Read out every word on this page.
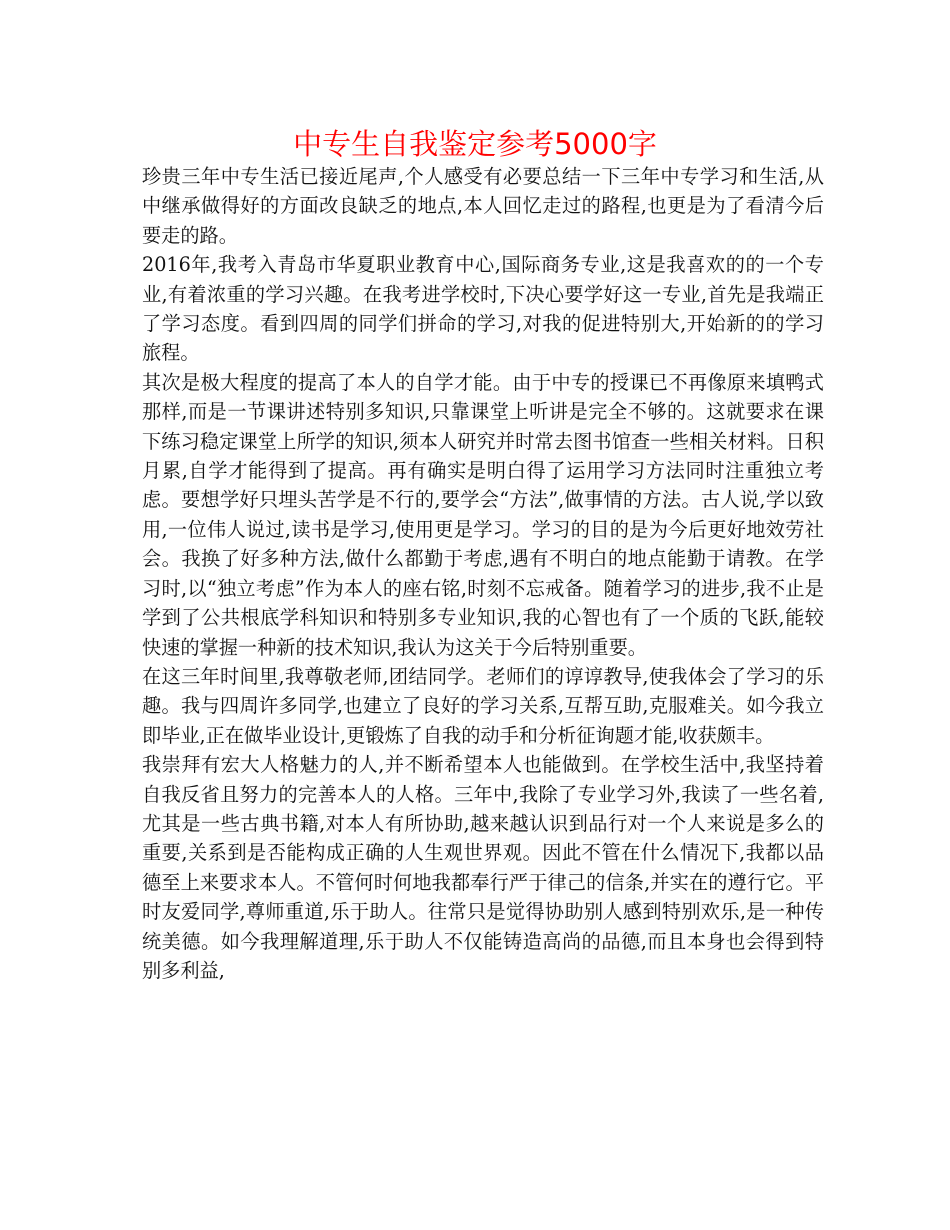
中专生自我鉴定参考5000字

珍贵三年中专生活已接近尾声,个人感受有必要总结一下三年中专学习和生活,从中继承做得好的方面改良缺乏的地点,本人回忆走过的路程,也更是为了看清今后要走的路。

2016年,我考入青岛市华夏职业教育中心,国际商务专业,这是我喜欢的的一个专业,有着浓重的学习兴趣。在我考进学校时,下决心要学好这一专业,首先是我端正了学习态度。看到四周的同学们拼命的学习,对我的促进特别大,开始新的的学习旅程。

其次是极大程度的提高了本人的自学才能。由于中专的授课已不再像原来填鸭式那样,而是一节课讲述特别多知识,只靠课堂上听讲是完全不够的。这就要求在课下练习稳定课堂上所学的知识,须本人研究并时常去图书馆查一些相关材料。日积月累,自学才能得到了提高。再有确实是明白得了运用学习方法同时注重独立考虑。要想学好只埋头苦学是不行的,要学会“方法”,做事情的方法。古人说,学以致用,一位伟人说过,读书是学习,使用更是学习。学习的目的是为今后更好地效劳社会。我换了好多种方法,做什么都勤于考虑,遇有不明白的地点能勤于请教。在学习时,以“独立考虑”作为本人的座右铭,时刻不忘戒备。随着学习的进步,我不止是学到了公共根底学科知识和特别多专业知识,我的心智也有了一个质的飞跃,能较快速的掌握一种新的技术知识,我认为这关于今后特别重要。

在这三年时间里,我尊敬老师,团结同学。老师们的谆谆教导,使我体会了学习的乐趣。我与四周许多同学,也建立了良好的学习关系,互帮互助,克服难关。如今我立即毕业,正在做毕业设计,更锻炼了自我的动手和分析征询题才能,收获颇丰。

我崇拜有宏大人格魅力的人,并不断希望本人也能做到。在学校生活中,我坚持着自我反省且努力的完善本人的人格。三年中,我除了专业学习外,我读了一些名着,尤其是一些古典书籍,对本人有所协助,越来越认识到品行对一个人来说是多么的重要,关系到是否能构成正确的人生观世界观。因此不管在什么情况下,我都以品德至上来要求本人。不管何时何地我都奉行严于律己的信条,并实在的遵行它。平时友爱同学,尊师重道,乐于助人。往常只是觉得协助别人感到特别欢乐,是一种传统美德。如今我理解道理,乐于助人不仅能铸造高尚的品德,而且本身也会得到特别多利益,
